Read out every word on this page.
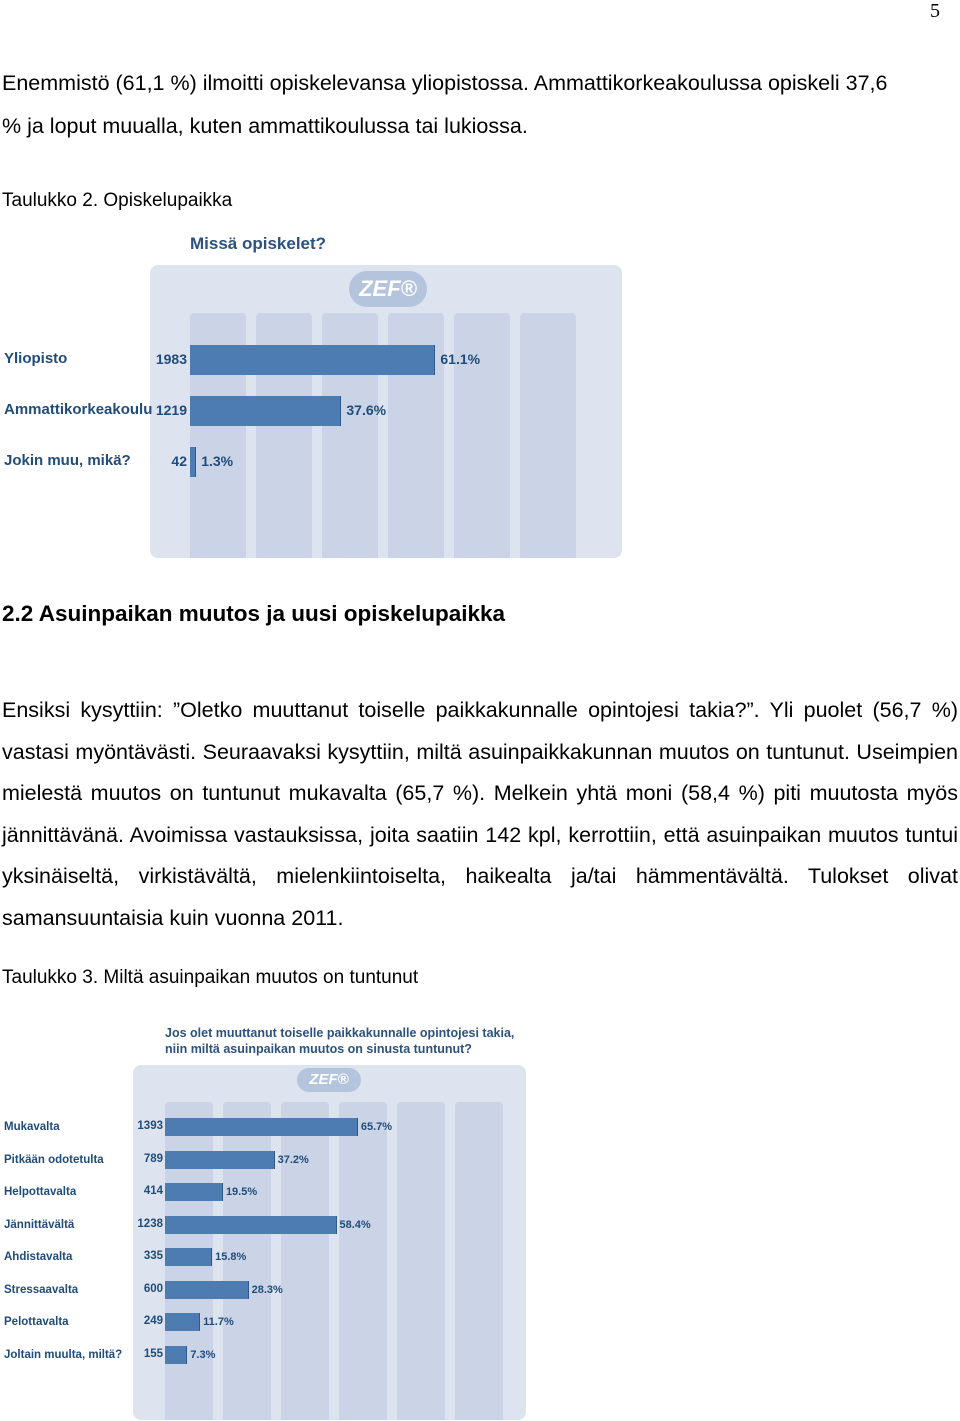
5

Enemmistö (61,1 %) ilmoitti opiskelevansa yliopistossa. Ammattikorkeakoulussa opiskeli 37,6 % ja loput muualla, kuten ammattikoulussa tai lukiossa.

Taulukko 2. Opiskelupaikka
Missä opiskelet?
ZEF®
Yliopisto	1983	61.1%
Ammattikorkeakoulu 1219	37.6%
Jokin muu, mikä?	42 1.3%
2.2 Asuinpaikan muutos ja uusi opiskelupaikka

Ensiksi kysyttiin: ”Oletko muuttanut toiselle paikkakunnalle opintojesi takia?”. Yli puolet (56,7 %) vastasi myöntävästi. Seuraavaksi kysyttiin, miltä asuinpaikkakunnan muutos on tuntunut. Useimpien mielestä muutos on tuntunut mukavalta (65,7 %). Melkein yhtä moni (58,4 %) piti muutosta myös jännittävänä. Avoimissa vastauksissa, joita saatiin 142 kpl, kerrottiin, että asuinpaikan muutos tuntui yksinäiseltä, virkistävältä, mielenkiintoiselta, haikealta ja/tai hämmentävältä. Tulokset olivat samansuuntaisia kuin vuonna 2011.

Taulukko 3. Miltä asuinpaikan muutos on tuntunut
Jos olet muuttanut toiselle paikkakunnalle opintojesi takia,
niin miltä asuinpaikan muutos on sinusta tuntunut?
ZEF®
Mukavalta	1393	65.7%
Pitkään odotetulta	789	37.2%
Helpottavalta	414	19.5%
Jännittävältä	1238	58.4%
Ahdistavalta	335	15.8%
Stressaavalta	600	28.3%
Pelottavalta	249	11.7%
Joltain muulta, miltä?	155 7.3%
